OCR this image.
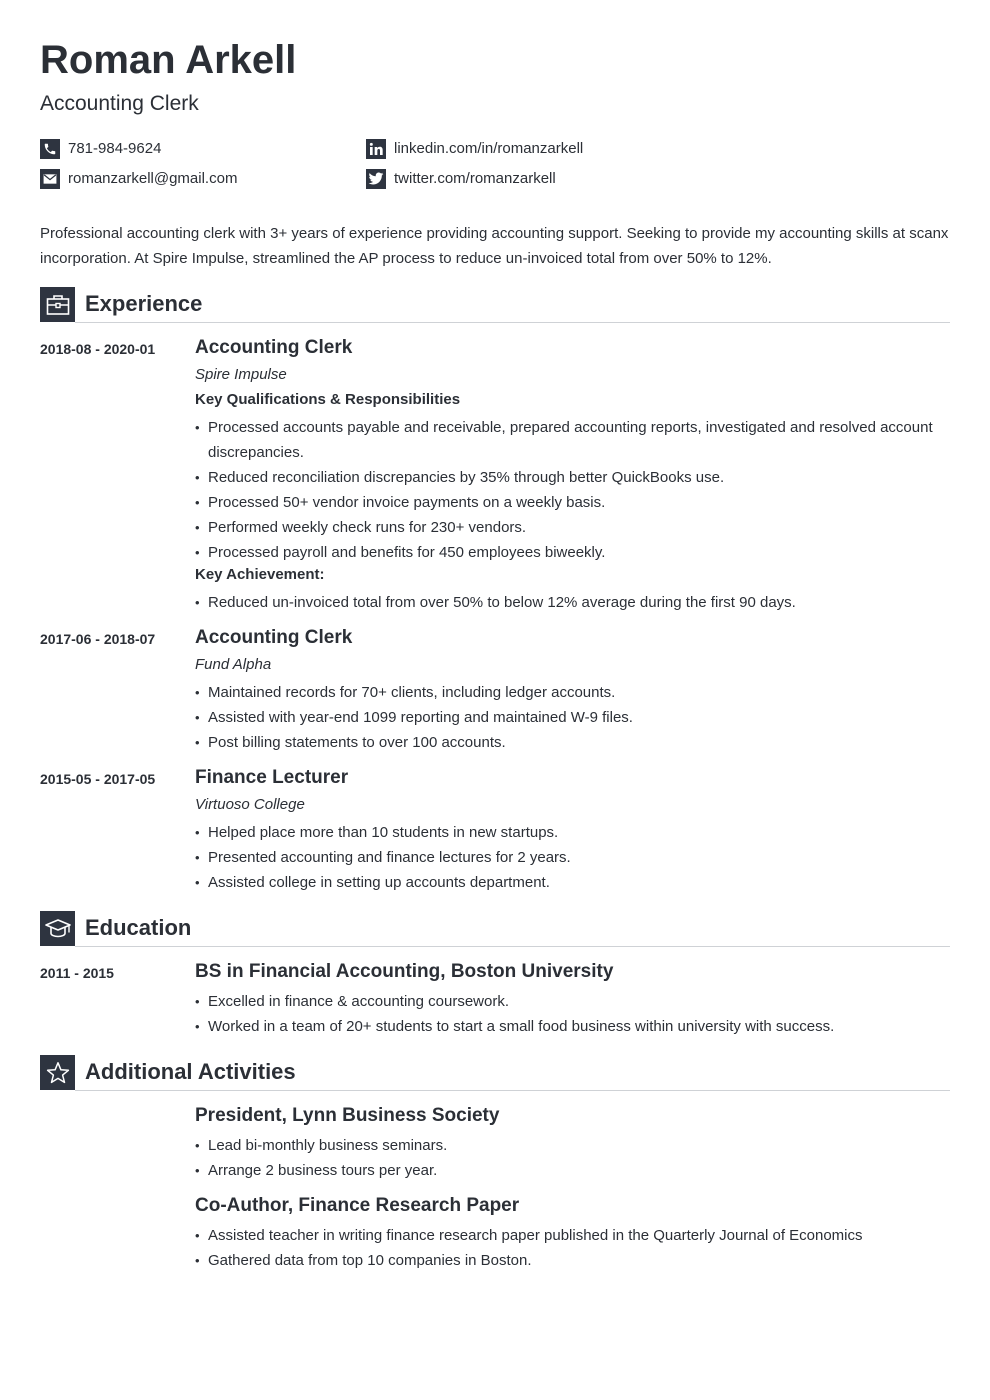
Roman Arkell
Accounting Clerk
781-984-9624	linkedin.com/in/romanzarkell
romanzarkell@gmail.com	twitter.com/romanzarkell
Professional accounting clerk with 3+ years of experience providing accounting support. Seeking to provide my accounting skills at scanx incorporation. At Spire Impulse, streamlined the AP process to reduce un-invoiced total from over 50% to 12%.
Experience
2018-08 - 2020-01 Accounting Clerk
Spire Impulse
Key Qualifications & Responsibilities
• Processed accounts payable and receivable, prepared accounting reports, investigated and resolved account discrepancies.
• Reduced reconciliation discrepancies by 35% through better QuickBooks use.
• Processed 50+ vendor invoice payments on a weekly basis.
• Performed weekly check runs for 230+ vendors.
• Processed payroll and benefits for 450 employees biweekly.
Key Achievement:
• Reduced un-invoiced total from over 50% to below 12% average during the first 90 days.
2017-06 - 2018-07 Accounting Clerk
Fund Alpha
• Maintained records for 70+ clients, including ledger accounts.
• Assisted with year-end 1099 reporting and maintained W-9 files.
• Post billing statements to over 100 accounts.
2015-05 - 2017-05 Finance Lecturer
Virtuoso College
• Helped place more than 10 students in new startups.
• Presented accounting and finance lectures for 2 years.
• Assisted college in setting up accounts department.
Education
2011 - 2015	BS in Financial Accounting, Boston University
• Excelled in finance & accounting coursework.
• Worked in a team of 20+ students to start a small food business within university with success.
Additional Activities
President, Lynn Business Society
• Lead bi-monthly business seminars.
• Arrange 2 business tours per year.
Co-Author, Finance Research Paper
• Assisted teacher in writing finance research paper published in the Quarterly Journal of Economics
• Gathered data from top 10 companies in Boston.
